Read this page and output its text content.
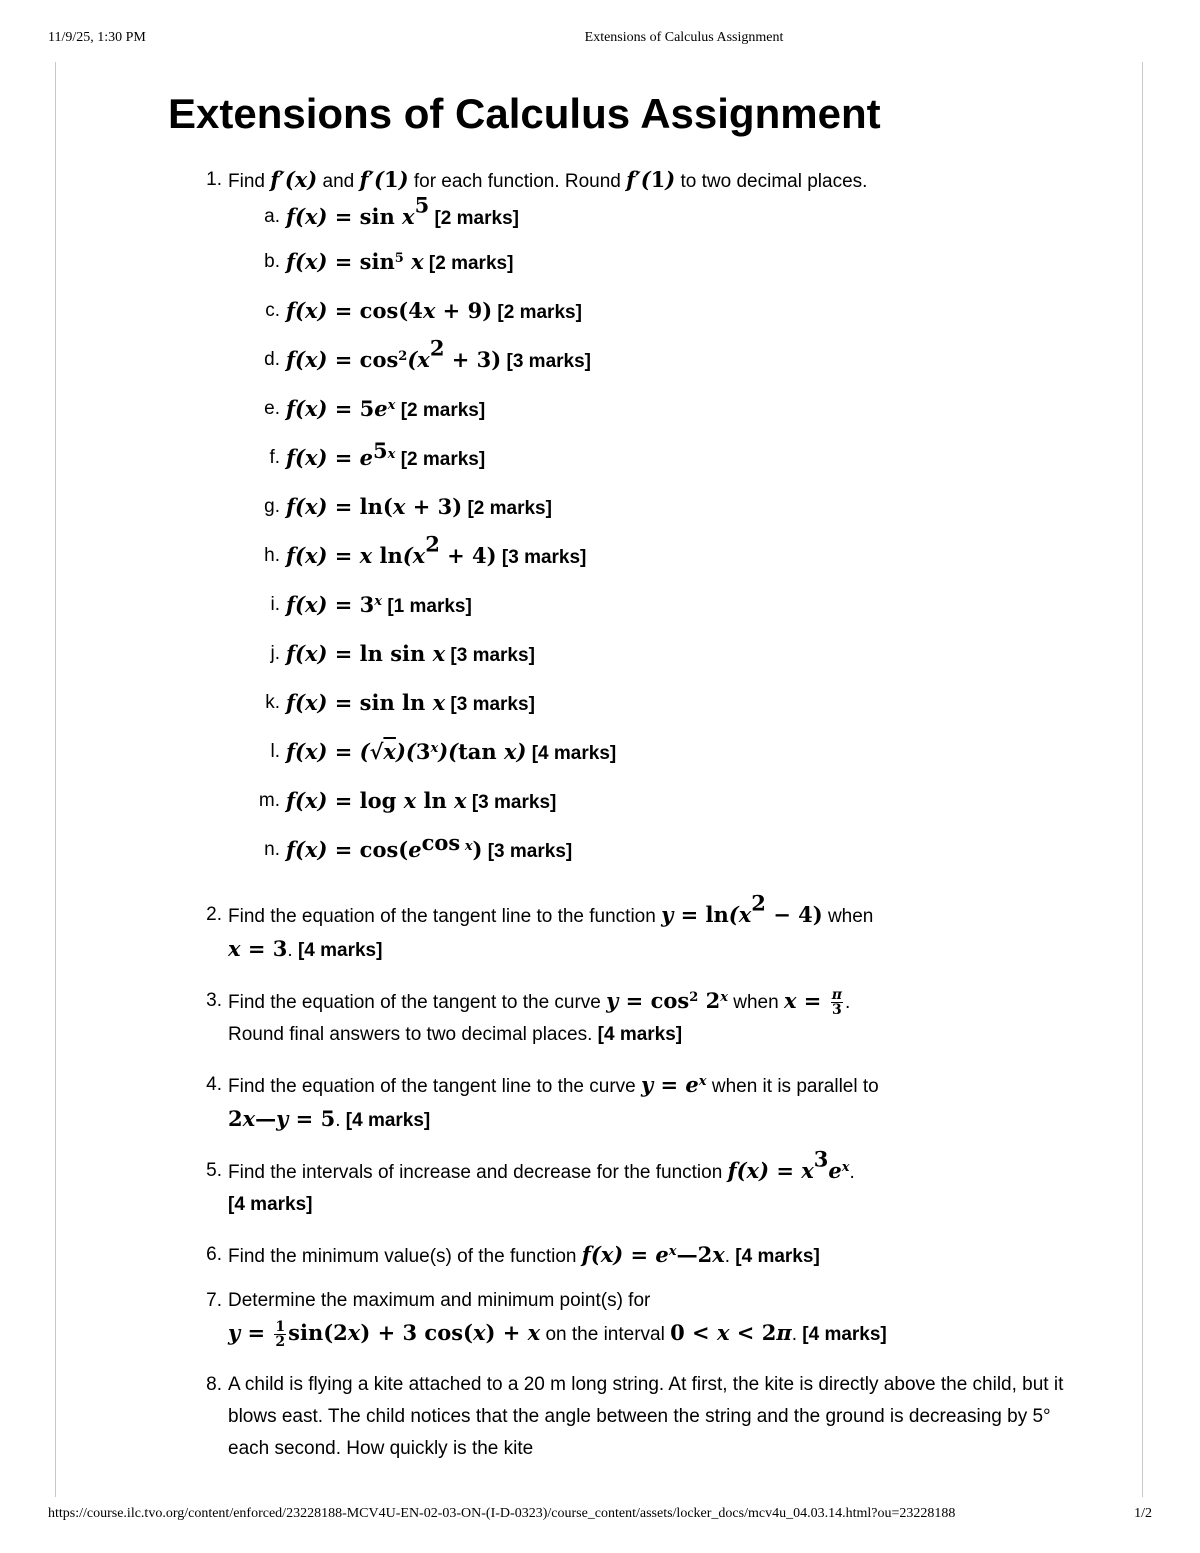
11/9/25, 1:30 PM	Extensions of Calculus Assignment
Extensions of Calculus Assignment
1. Find f′(x) and f′(1) for each function. Round f′(1) to two decimal places.
a. $f(x) = \sin x^5$ [2 marks]
b. $f(x) = \sin^5 x$ [2 marks]
c. f(x) = cos(4x + 9) [2 marks]
d. $f(x) = \cos^2(x^2 + 3)$ [3 marks]
e. $f(x) = 5e^x$ [2 marks]
f. $f(x) = e^{5x}$ [2 marks]
g. f(x) = ln(x + 3) [2 marks]
h. f(x) = x $\ln(x^2 + 4)$ [3 marks]
i. $f(x) = 3^x$ [1 marks]
j. f(x) = ln sin x [3 marks]
k. f(x) = sin ln x [3 marks]
l. $f(x) = (√x)(3^x)(\tan$ x) [4 marks]
m. f(x) = log x ln x [3 marks]
n. $f(x) = \cos(e^{cos x})$ [3 marks]
2. Find the equation of the tangent line to the function $y = \ln(x^2 - 4)$ when
x = 3. [4 marks]
3. Find the equation of the tangent to the curve $y = \cos^2 2^x$ when $x = \frac{\pi}{3}$ .
Round final answers to two decimal places. [4 marks]
4. Find the equation of the tangent line to the curve $y = e^x$ when it is parallel to
2x—y = 5. [4 marks]
5. Find the intervals of increase and decrease for the function $f(x) = x^3e^x$.
[4 marks]
6. Find the minimum value(s) of the function $f(x) = e^x—2x$. [4 marks]
7. Determine the maximum and minimum point(s) for
$y = \frac{1}{2} \sin(2x) + 3$ cos(x) + x on the interval 0 < x < 2π. [4 marks]
8. A child is flying a kite attached to a 20 m long string. At first, the kite is directly above the child, but it blows east. The child notices that the angle between the string and the ground is decreasing by 5° each second. How quickly is the kite
https://course.ilc.tvo.org/content/enforced/23228188-MCV4U-EN-02-03-ON-(I-D-0323)/course_content/assets/locker_docs/mcv4u_04.03.14.html?ou=23228188	1/2
